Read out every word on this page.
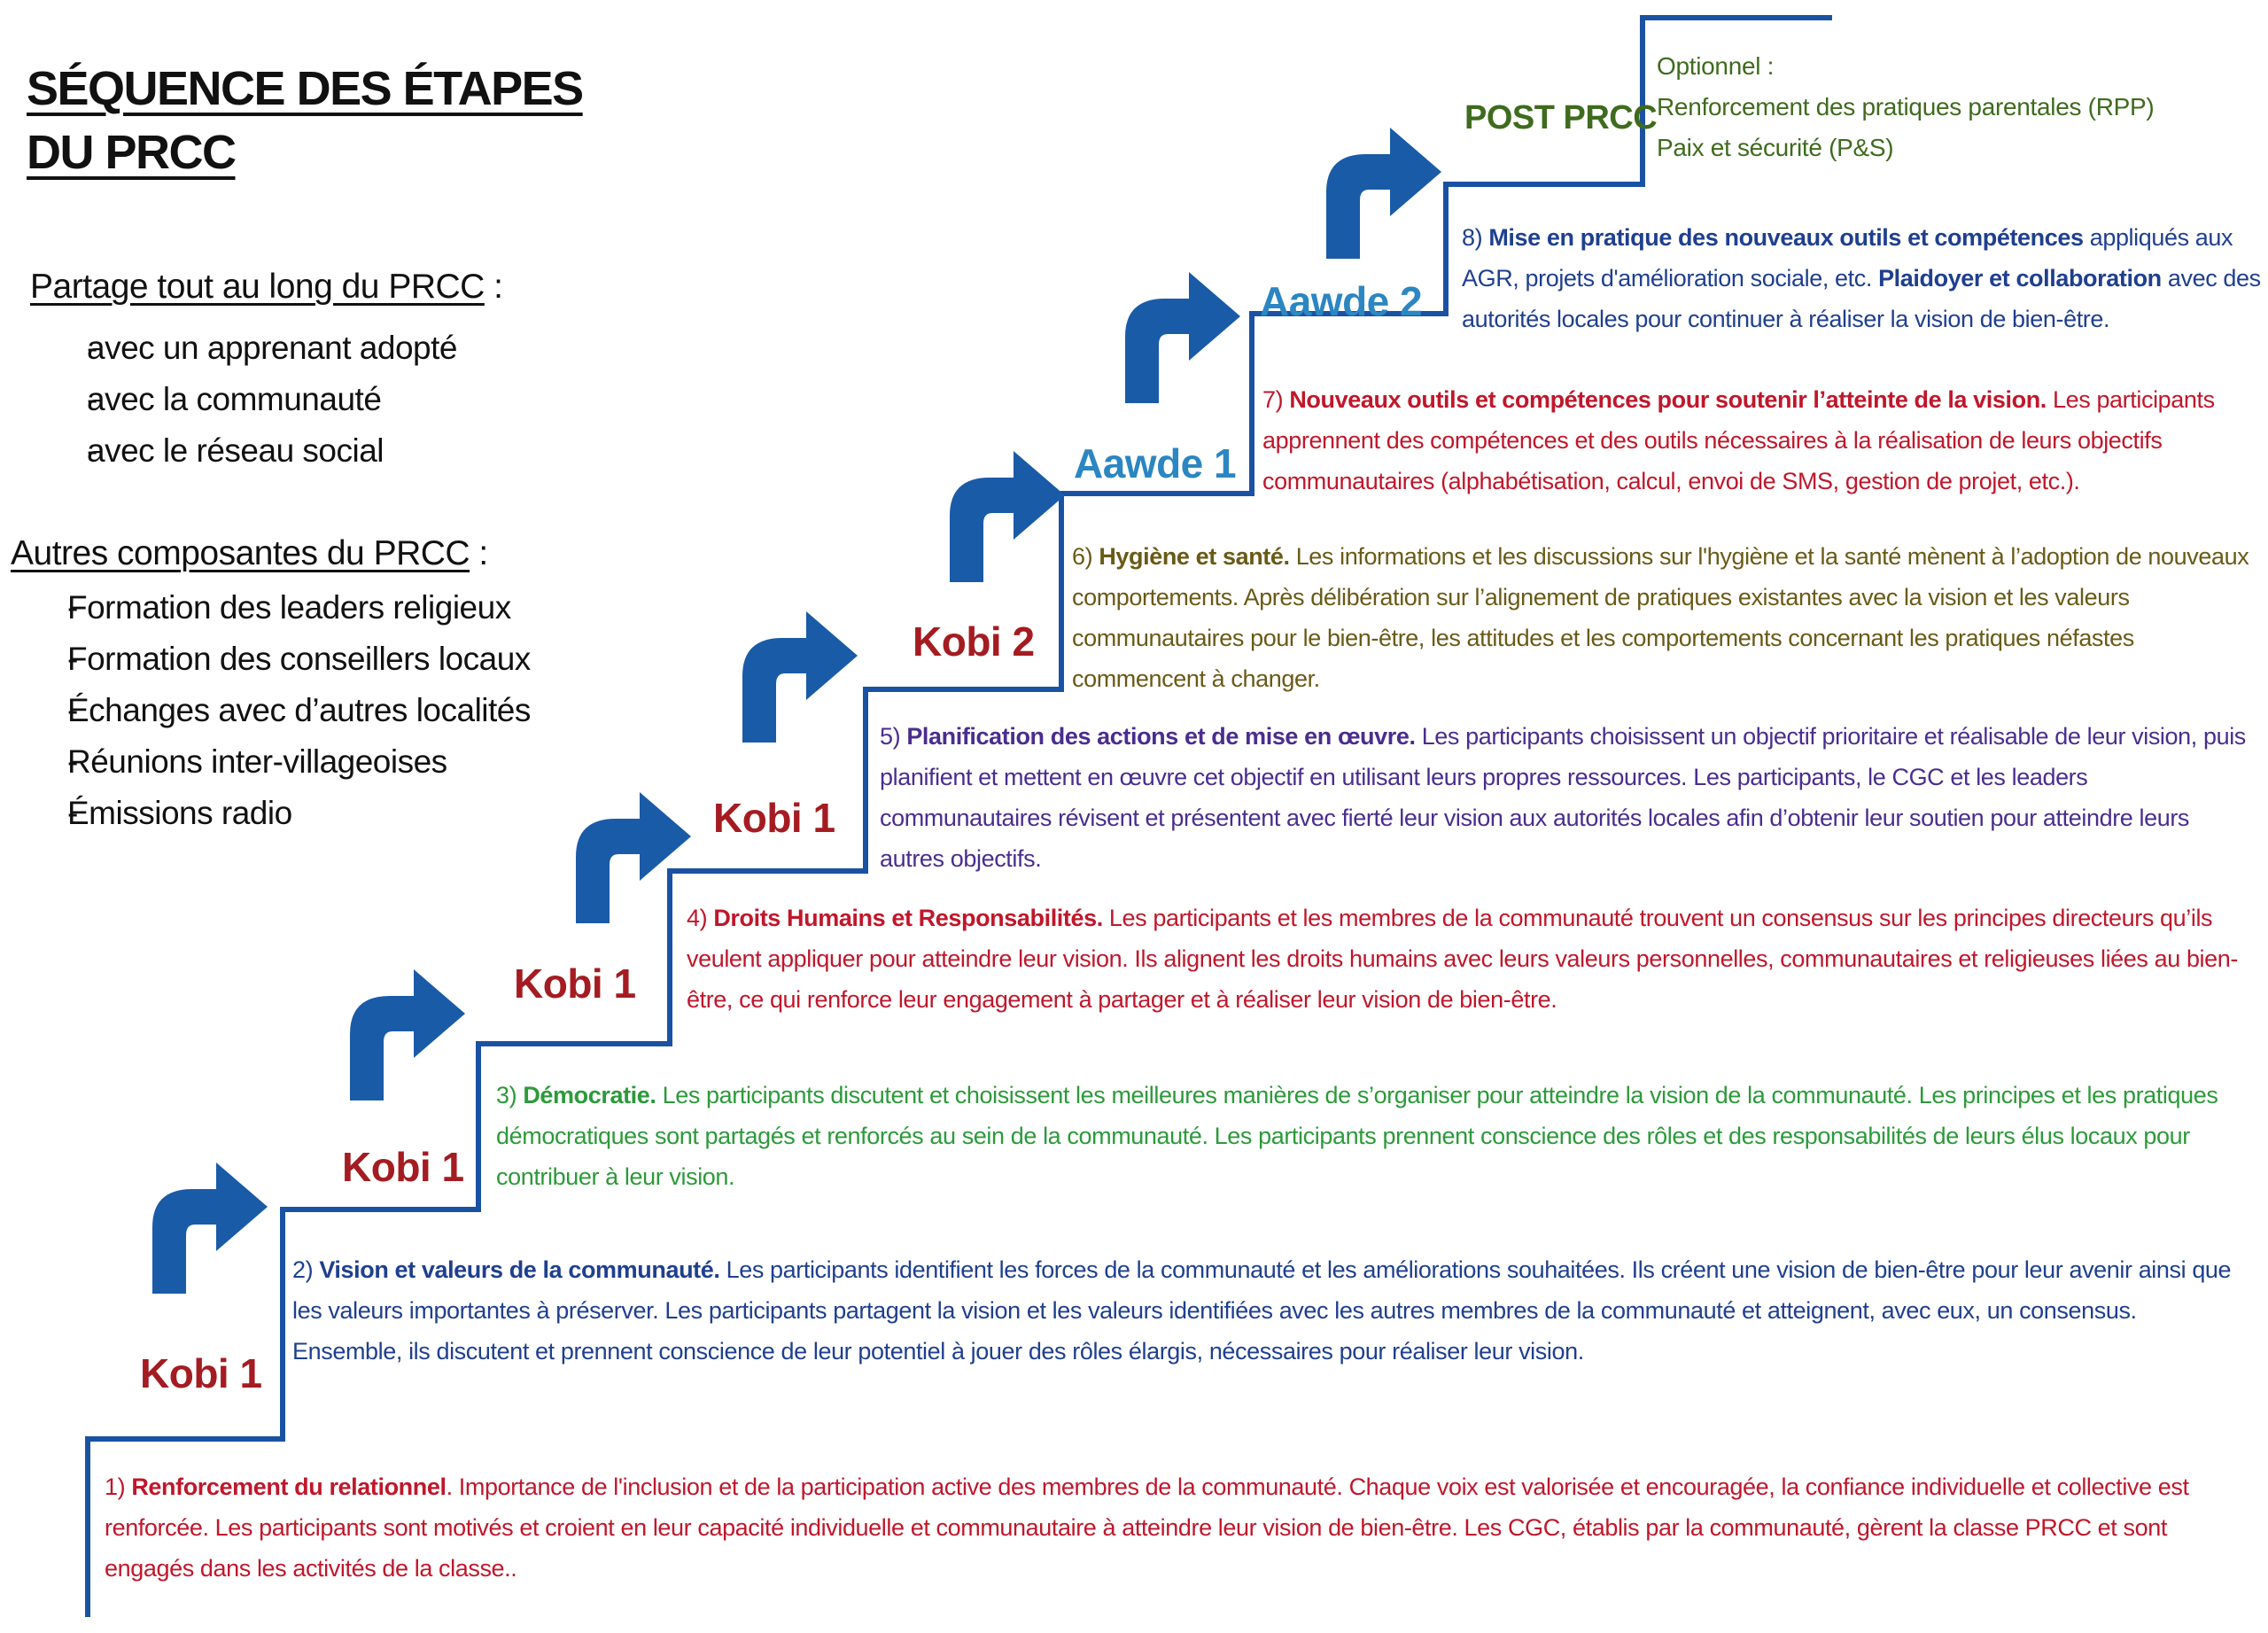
SÉQUENCE DES ÉTAPES
DU PRCC
Partage tout au long du PRCC :
- avec un apprenant adopté
- avec la communauté
- avec le réseau social
Autres composantes du PRCC :
- Formation des leaders religieux
- Formation des conseillers locaux
- Échanges avec d’autres localités
- Réunions inter-villageoises
- Émissions radio
Kobi 1
Kobi 1
Kobi 1
Kobi 1
Kobi 2
Aawde 1
Aawde 2
POST PRCC
Optionnel :
Renforcement des pratiques parentales (RPP)
Paix et sécurité (P&S)
1) Renforcement du relationnel. Importance de l'inclusion et de la participation active des membres de la communauté. Chaque voix est valorisée et encouragée, la confiance individuelle et collective est renforcée. Les participants sont motivés et croient en leur capacité individuelle et communautaire à atteindre leur vision de bien-être. Les CGC, établis par la communauté, gèrent la classe PRCC et sont engagés dans les activités de la classe..
2) Vision et valeurs de la communauté. Les participants identifient les forces de la communauté et les améliorations souhaitées. Ils créent une vision de bien-être pour leur avenir ainsi que les valeurs importantes à préserver. Les participants partagent la vision et les valeurs identifiées avec les autres membres de la communauté et atteignent, avec eux, un consensus. Ensemble, ils discutent et prennent conscience de leur potentiel à jouer des rôles élargis, nécessaires pour réaliser leur vision.
3) Démocratie. Les participants discutent et choisissent les meilleures manières de s’organiser pour atteindre la vision de la communauté. Les principes et les pratiques démocratiques sont partagés et renforcés au sein de la communauté. Les participants prennent conscience des rôles et des responsabilités de leurs élus locaux pour contribuer à leur vision.
4) Droits Humains et Responsabilités. Les participants et les membres de la communauté trouvent un consensus sur les principes directeurs qu’ils veulent appliquer pour atteindre leur vision. Ils alignent les droits humains avec leurs valeurs personnelles, communautaires et religieuses liées au bien-être, ce qui renforce leur engagement à partager et à réaliser leur vision de bien-être.
5) Planification des actions et de mise en œuvre. Les participants choisissent un objectif prioritaire et réalisable de leur vision, puis planifient et mettent en œuvre cet objectif en utilisant leurs propres ressources. Les participants, le CGC et les leaders communautaires révisent et présentent avec fierté leur vision aux autorités locales afin d’obtenir leur soutien pour atteindre leurs autres objectifs.
6) Hygiène et santé. Les informations et les discussions sur l'hygiène et la santé mènent à l’adoption de nouveaux comportements. Après délibération sur l’alignement de pratiques existantes avec la vision et les valeurs communautaires pour le bien-être, les attitudes et les comportements concernant les pratiques néfastes commencent à changer.
7) Nouveaux outils et compétences pour soutenir l’atteinte de la vision. Les participants apprennent des compétences et des outils nécessaires à la réalisation de leurs objectifs communautaires (alphabétisation, calcul, envoi de SMS, gestion de projet, etc.).
8) Mise en pratique des nouveaux outils et compétences appliqués aux AGR, projets d'amélioration sociale, etc. Plaidoyer et collaboration avec des autorités locales pour continuer à réaliser la vision de bien-être.
